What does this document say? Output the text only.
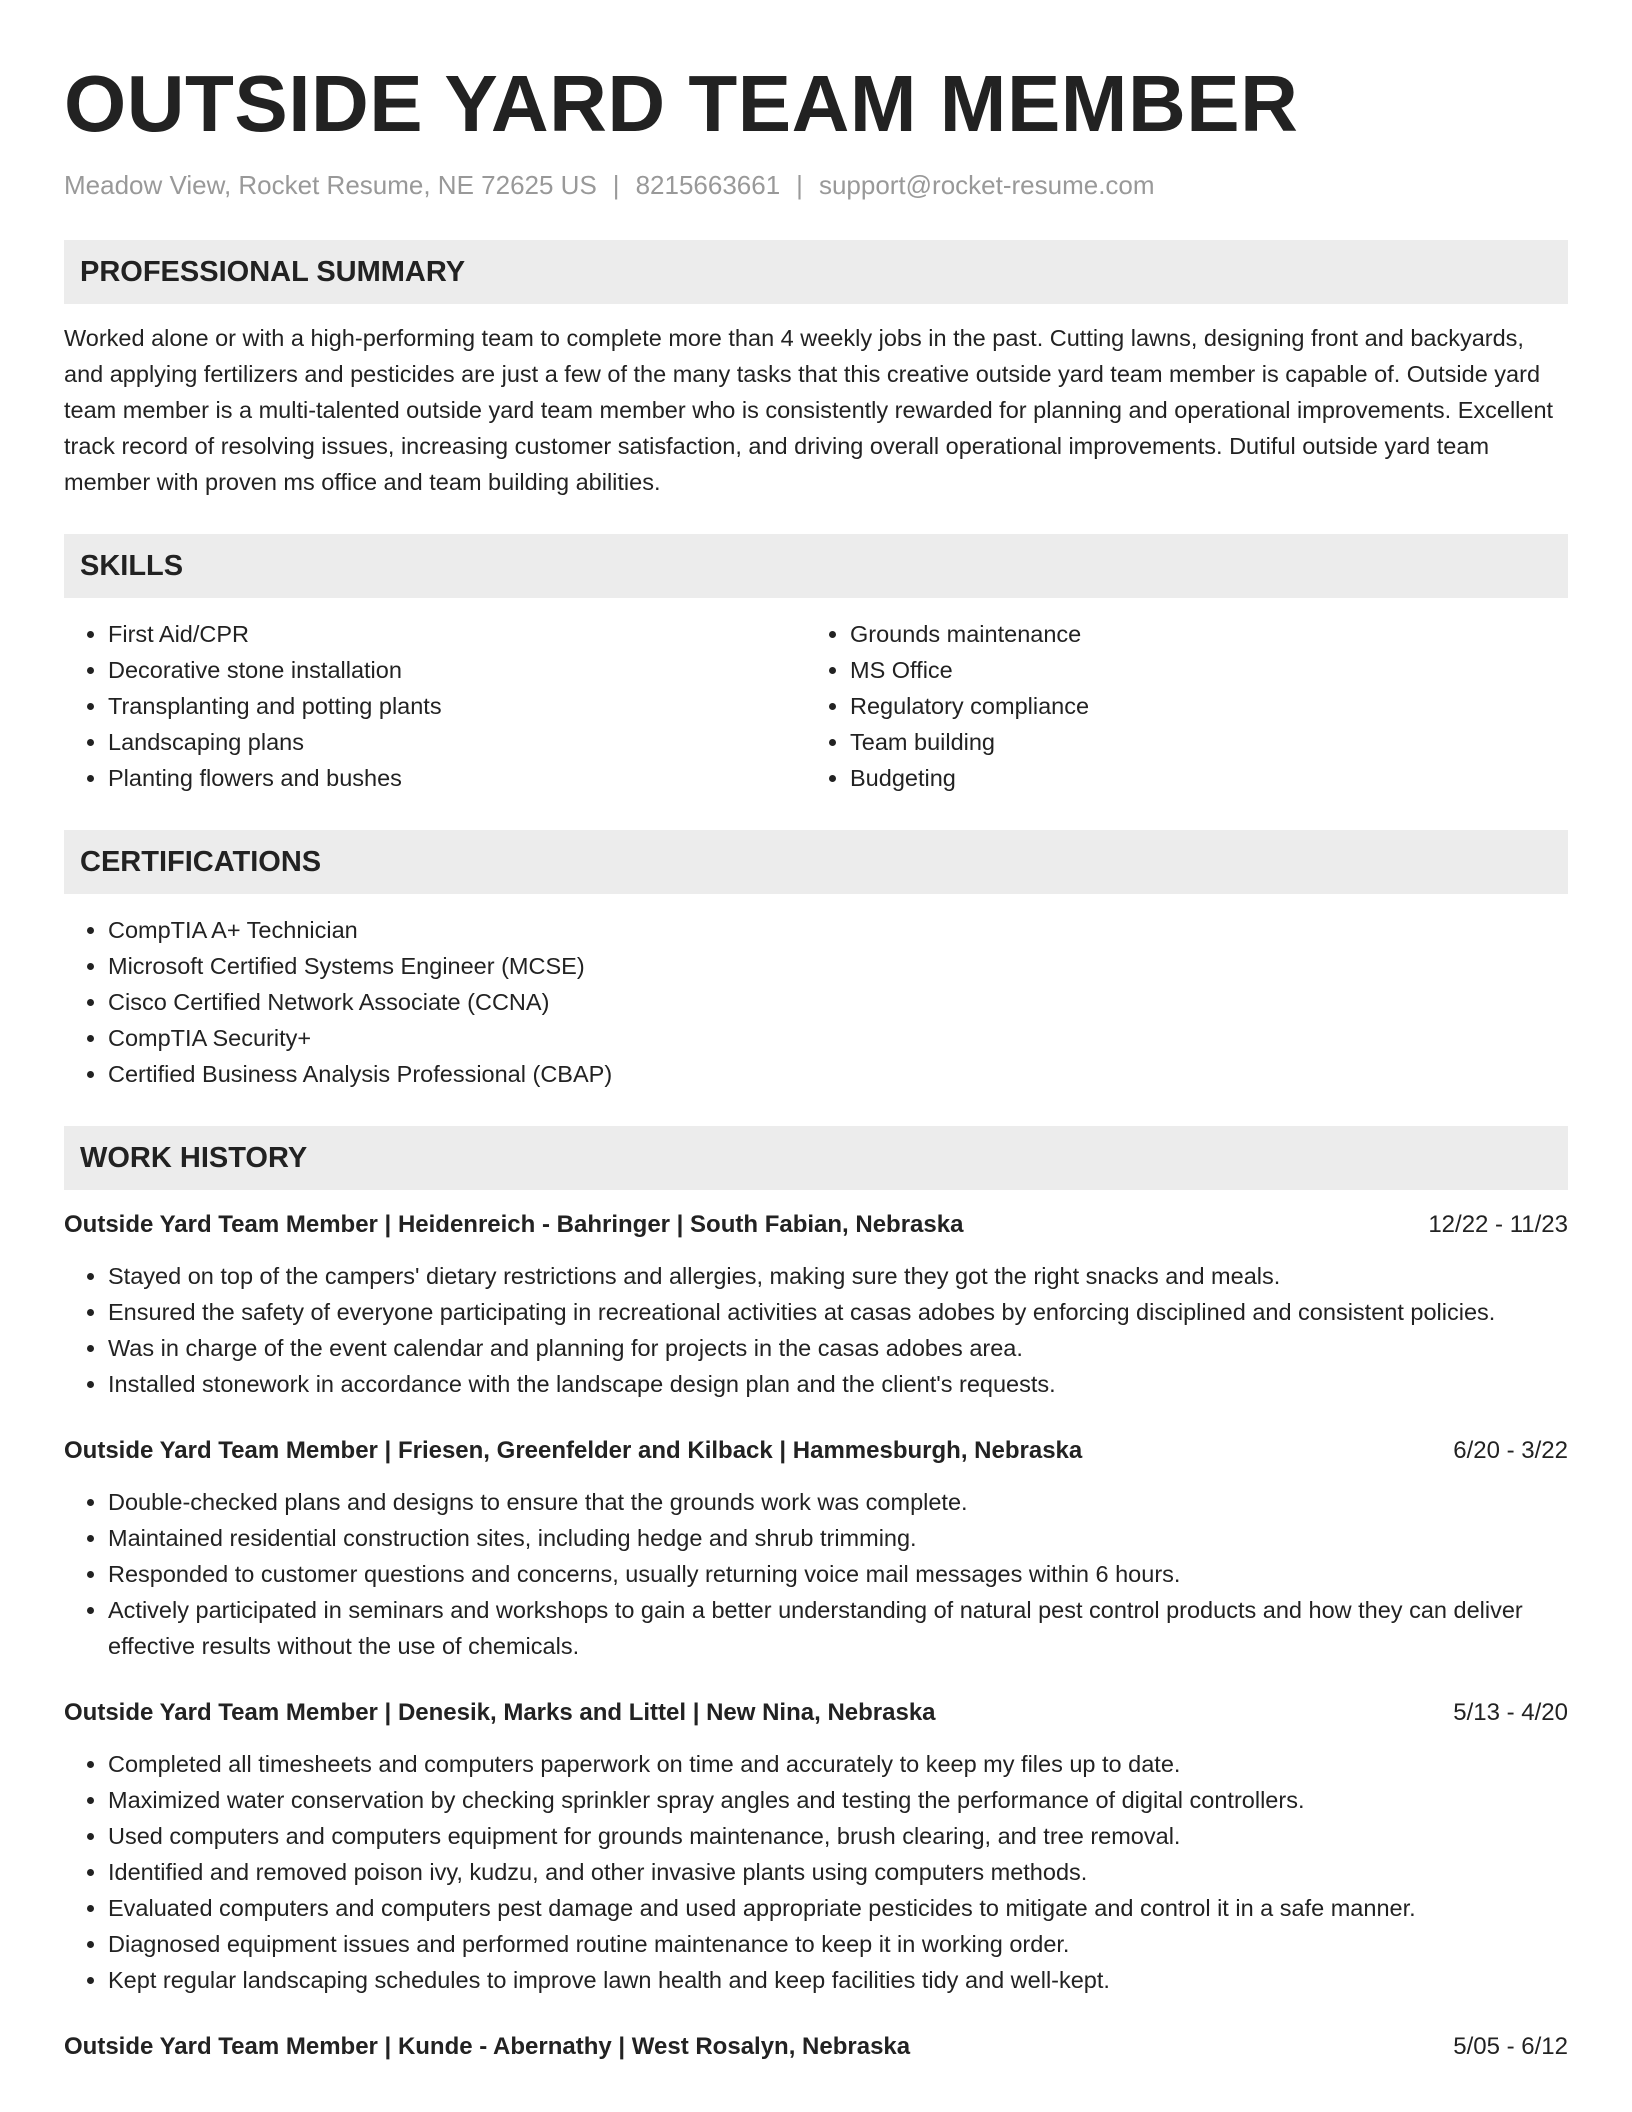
OUTSIDE YARD TEAM MEMBER
Meadow View, Rocket Resume, NE 72625 US | 8215663661 | support@rocket-resume.com
PROFESSIONAL SUMMARY

Worked alone or with a high-performing team to complete more than 4 weekly jobs in the past. Cutting lawns, designing front and backyards, and applying fertilizers and pesticides are just a few of the many tasks that this creative outside yard team member is capable of. Outside yard team member is a multi-talented outside yard team member who is consistently rewarded for planning and operational improvements. Excellent track record of resolving issues, increasing customer satisfaction, and driving overall operational improvements. Dutiful outside yard team member with proven ms office and team building abilities.

SKILLS
• First Aid/CPR
• Decorative stone installation
• Transplanting and potting plants
• Landscaping plans
• Planting flowers and bushes
• Grounds maintenance
• MS Office
• Regulatory compliance
• Team building
• Budgeting
CERTIFICATIONS
• CompTIA A+ Technician
• Microsoft Certified Systems Engineer (MCSE)
• Cisco Certified Network Associate (CCNA)
• CompTIA Security+
• Certified Business Analysis Professional (CBAP)
WORK HISTORY
Outside Yard Team Member | Heidenreich - Bahringer | South Fabian, Nebraska	12/22 - 11/23
• Stayed on top of the campers' dietary restrictions and allergies, making sure they got the right snacks and meals.
• Ensured the safety of everyone participating in recreational activities at casas adobes by enforcing disciplined and consistent policies.
• Was in charge of the event calendar and planning for projects in the casas adobes area.
• Installed stonework in accordance with the landscape design plan and the client's requests.
Outside Yard Team Member | Friesen, Greenfelder and Kilback | Hammesburgh, Nebraska	6/20 - 3/22
• Double-checked plans and designs to ensure that the grounds work was complete.
• Maintained residential construction sites, including hedge and shrub trimming.
• Responded to customer questions and concerns, usually returning voice mail messages within 6 hours.
• Actively participated in seminars and workshops to gain a better understanding of natural pest control products and how they can deliver effective results without the use of chemicals.
Outside Yard Team Member | Denesik, Marks and Littel | New Nina, Nebraska	5/13 - 4/20
• Completed all timesheets and computers paperwork on time and accurately to keep my files up to date.
• Maximized water conservation by checking sprinkler spray angles and testing the performance of digital controllers.
• Used computers and computers equipment for grounds maintenance, brush clearing, and tree removal.
• Identified and removed poison ivy, kudzu, and other invasive plants using computers methods.
• Evaluated computers and computers pest damage and used appropriate pesticides to mitigate and control it in a safe manner.
• Diagnosed equipment issues and performed routine maintenance to keep it in working order.
• Kept regular landscaping schedules to improve lawn health and keep facilities tidy and well-kept.
Outside Yard Team Member | Kunde - Abernathy | West Rosalyn, Nebraska	5/05 - 6/12
